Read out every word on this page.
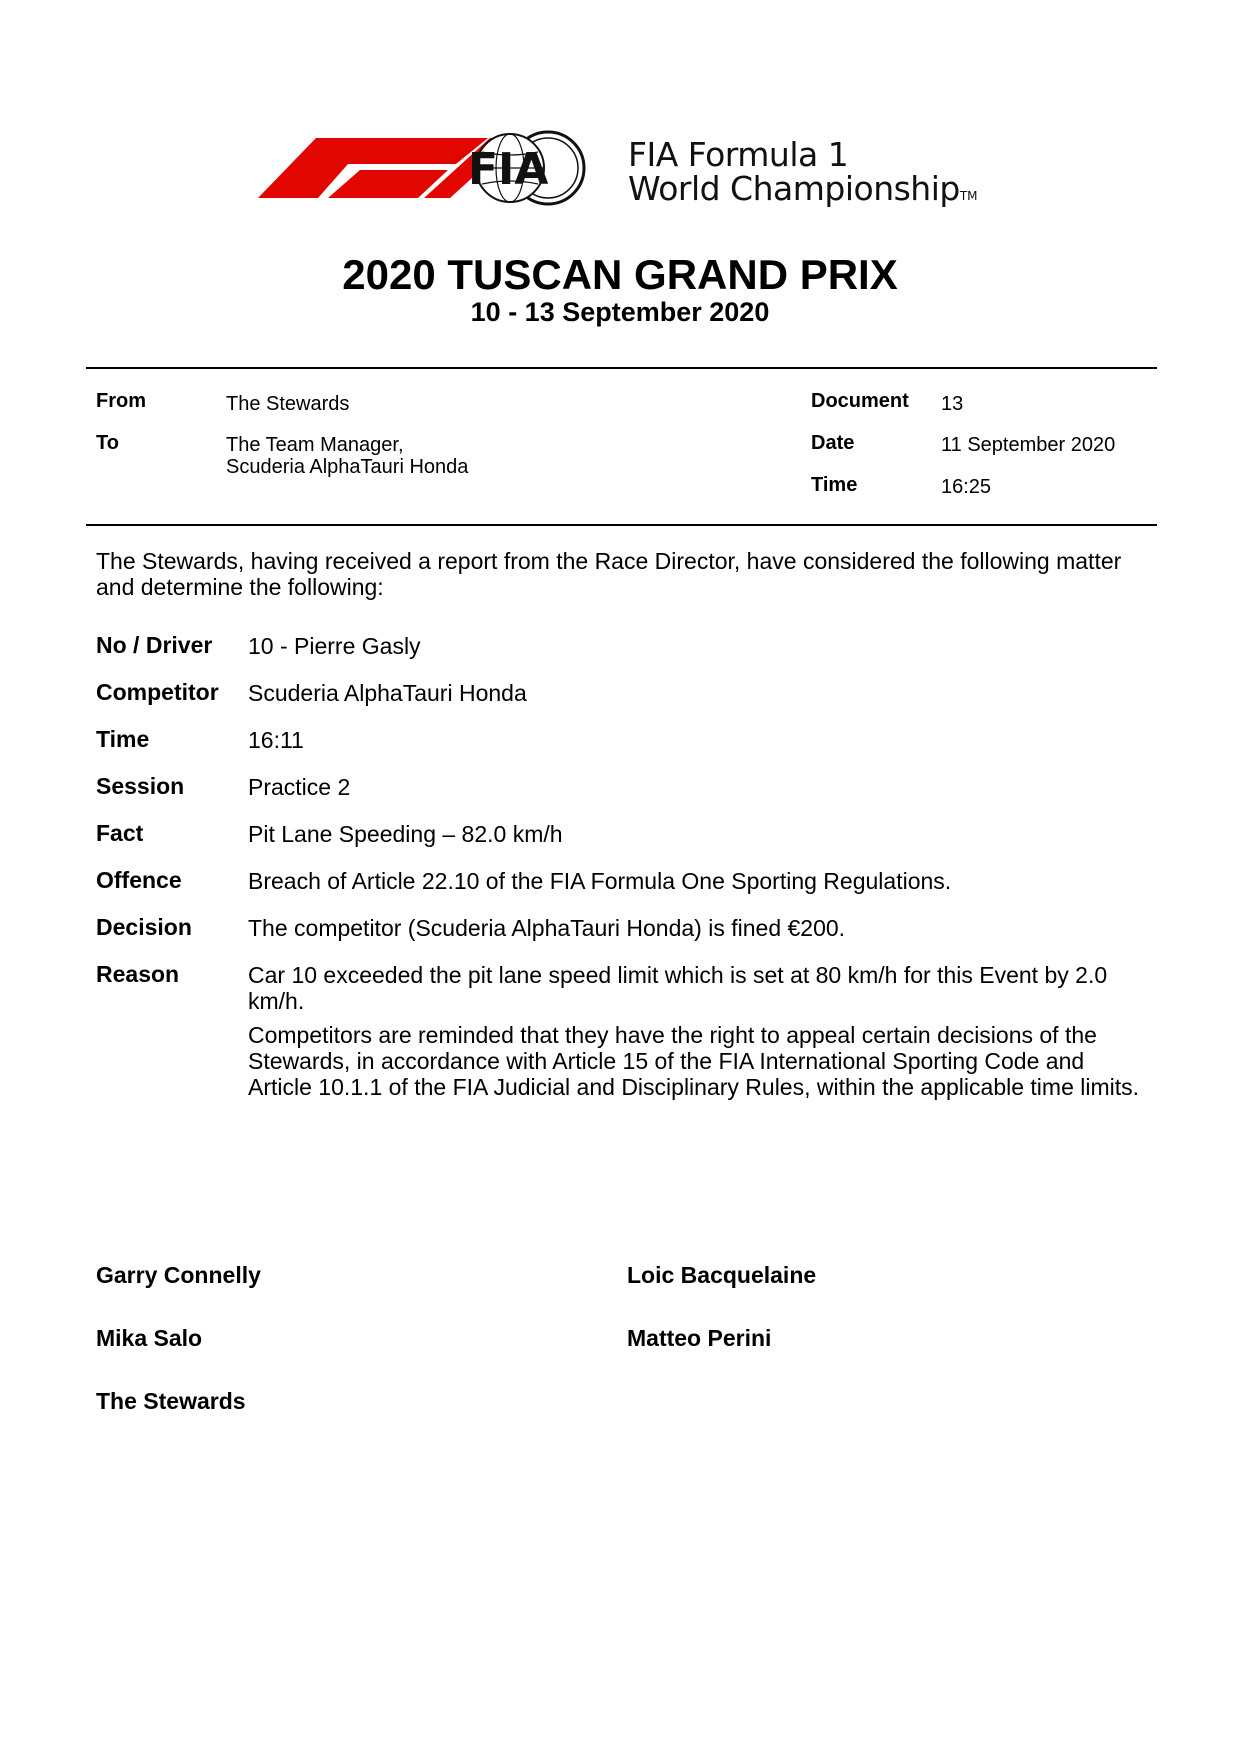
FIA FIA Formula 1
World ChampionshipTM
2020 TUSCAN GRAND PRIX
10 - 13 September 2020
From	The Stewards
To	The Team Manager,
Scuderia AlphaTauri Honda
Document 13
Date	11 September 2020
Time	16:25
The Stewards, having received a report from the Race Director, have considered the following matter and determine the following:
No / Driver 10 - Pierre Gasly
Competitor Scuderia AlphaTauri Honda
Time	16:11
Session	Practice 2
Fact	Pit Lane Speeding – 82.0 km/h
Offence	Breach of Article 22.10 of the FIA Formula One Sporting Regulations.
Decision The competitor (Scuderia AlphaTauri Honda) is fined €200.
Reason	Car 10 exceeded the pit lane speed limit which is set at 80 km/h for this Event by 2.0 km/h.
Competitors are reminded that they have the right to appeal certain decisions of the Stewards, in accordance with Article 15 of the FIA International Sporting Code and Article 10.1.1 of the FIA Judicial and Disciplinary Rules, within the applicable time limits.
Garry Connelly	Loic Bacquelaine
Mika Salo	Matteo Perini
The Stewards
